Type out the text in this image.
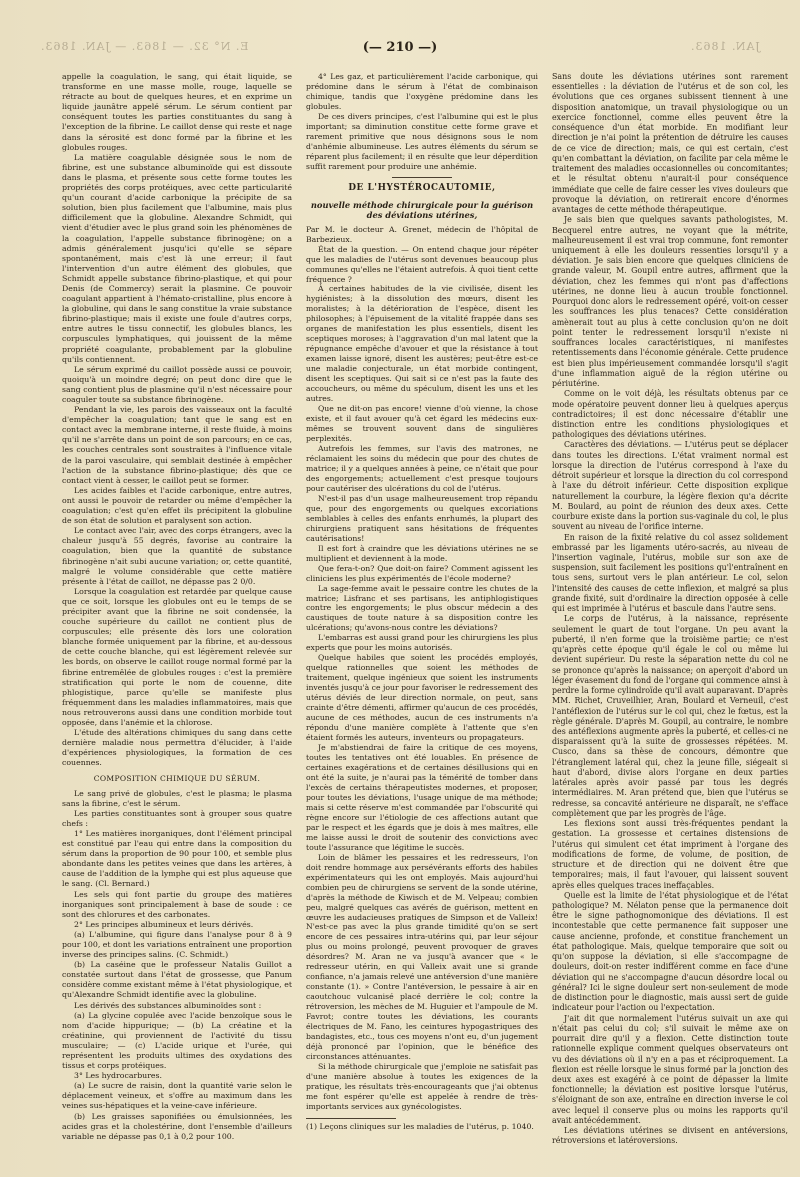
E. N° 32. — 1863. — JAN. 1863.	(— 210 —)	JAN. 1863.

appelle la coagulation, le sang, qui était liquide, se transforme en une masse molle, rouge, laquelle se rétracte au bout de quelques heures, et en exprime un liquide jaunâtre appelé sérum. Le sérum contient par conséquent toutes les parties constituantes du sang à l'exception de la fibrine. Le caillot dense qui reste et nage dans la sérosité est donc formé par la fibrine et les globules rouges.

La matière coagulable désignée sous le nom de fibrine, est une substance albuminoïde qui est dissoute dans le plasma, et présente sous cette forme toutes les propriétés des corps protéiques, avec cette particularité qu'un courant d'acide carbonique la précipite de sa solution, bien plus facilement que l'albumine, mais plus difficilement que la globuline. Alexandre Schmidt, qui vient d'étudier avec le plus grand soin les phénomènes de la coagulation, l'appelle substance fibrinogène; on a admis généralement jusqu'ici qu'elle se sépare spontanément, mais c'est là une erreur; il faut l'intervention d'un autre élément des globules, que Schmidt appelle substance fibrino-plastique, et qui pour Denis (de Commercy) serait la plasmine. Ce pouvoir coagulant appartient à l'hémato-cristalline, plus encore à la globuline, qui dans le sang constitue la vraie substance fibrino-plastique; mais il existe une foule d'autres corps, entre autres le tissu connectif, les globules blancs, les corpuscules lymphatiques, qui jouissent de la même propriété coagulante, probablement par la globuline qu'ils contiennent.

Le sérum exprimé du caillot possède aussi ce pouvoir, quoiqu'à un moindre degré; on peut donc dire que le sang contient plus de plasmine qu'il n'est nécessaire pour coaguler toute sa substance fibrinogène.

Pendant la vie, les parois des vaisseaux ont la faculté d'empêcher la coagulation; tant que le sang est en contact avec la membrane interne, il reste fluide, à moins qu'il ne s'arrête dans un point de son parcours; en ce cas, les couches centrales sont soustraites à l'influence vitale de la paroi vasculaire, qui semblait destinée à empêcher l'action de la substance fibrino-plastique; dès que ce contact vient à cesser, le caillot peut se former.

Les acides faibles et l'acide carbonique, entre autres, ont aussi le pouvoir de retarder ou même d'empêcher la coagulation; c'est qu'en effet ils précipitent la globuline de son état de solution et paralysent son action.

Le contact avec l'air, avec des corps étrangers, avec la chaleur jusqu'à 55 degrés, favorise au contraire la coagulation, bien que la quantité de substance fibrinogène n'ait subi aucune variation; or, cette quantité, malgré le volume considérable que cette matière présente à l'état de caillot, ne dépasse pas 2 0/0.

Lorsque la coagulation est retardée par quelque cause que ce soit, lorsque les globules ont eu le temps de se précipiter avant que la fibrine ne soit condensée, la couche supérieure du caillot ne contient plus de corpuscules; elle présente dès lors une coloration blanche formée uniquement par la fibrine, et au-dessous de cette couche blanche, qui est légèrement relevée sur les bords, on observe le caillot rouge normal formé par la fibrine entremêlée de globules rouges : c'est la première stratification qui porte le nom de couenne, dite phlogistique, parce qu'elle se manifeste plus fréquemment dans les maladies inflammatoires, mais que nous retrouverons aussi dans une condition morbide tout opposée, dans l'anémie et la chlorose.

L'étude des altérations chimiques du sang dans cette dernière maladie nous permettra d'élucider, à l'aide d'expériences physiologiques, la formation de ces couennes.

COMPOSITION CHIMIQUE DU SÉRUM.

Le sang privé de globules, c'est le plasma; le plasma sans la fibrine, c'est le sérum.

Les parties constituantes sont à grouper sous quatre chefs :

1° Les matières inorganiques, dont l'élément principal est constitué par l'eau qui entre dans la composition du sérum dans la proportion de 90 pour 100, et semble plus abondante dans les petites veines que dans les artères, à cause de l'addition de la lymphe qui est plus aqueuse que le sang. (Cl. Bernard.)

Les sels qui font partie du groupe des matières inorganiques sont principalement à base de soude : ce sont des chlorures et des carbonates.

2° Les principes albumineux et leurs dérivés.

(a) L'albumine, qui figure dans l'analyse pour 8 à 9 pour 100, et dont les variations entraînent une proportion inverse des principes salins. (C. Schmidt.)

(b) La caséine que le professeur Natalis Guillot a constatée surtout dans l'état de grossesse, que Panum considère comme existant même à l'état physiologique, et qu'Alexandre Schmidt identifie avec la globuline.

Les dérivés des substances albuminoïdes sont :

(a) La glycine copulée avec l'acide benzoïque sous le nom d'acide hippurique; — (b) La créatine et la créatinine, qui proviennent de l'activité du tissu musculaire; — (c) L'acide urique et l'urée, qui représentent les produits ultimes des oxydations des tissus et corps protéiques.

3° Les hydrocarbures.

(a) Le sucre de raisin, dont la quantité varie selon le déplacement veineux, et s'offre au maximum dans les veines sus-hépatiques et la veine-cave inférieure.

(b) Les graisses saponifiées ou émulsionnées, les acides gras et la cholestérine, dont l'ensemble d'ailleurs variable ne dépasse pas 0,1 à 0,2 pour 100.

4° Les gaz, et particulièrement l'acide carbonique, qui prédomine dans le sérum à l'état de combinaison chimique, tandis que l'oxygène prédomine dans les globules.

De ces divers principes, c'est l'albumine qui est le plus important; sa diminution constitue cette forme grave et rarement primitive que nous désignons sous le nom d'anhémie albumineuse. Les autres éléments du sérum se réparent plus facilement; il en résulte que leur déperdition suffit rarement pour produire une anhémie.

DE L'HYSTÉROCAUTOMIE,

nouvelle méthode chirurgicale pour la guérison des déviations utérines,

Par M. le docteur A. Grenet, médecin de l'hôpital de Barbezieux.

État de la question. — On entend chaque jour répéter que les maladies de l'utérus sont devenues beaucoup plus communes qu'elles ne l'étaient autrefois. À quoi tient cette fréquence ?

À certaines habitudes de la vie civilisée, disent les hygiénistes; à la dissolution des mœurs, disent les moralistes; à la détérioration de l'espèce, disent les philosophes; à l'épuisement de la vitalité frappée dans ses organes de manifestation les plus essentiels, disent les sceptiques moroses; à l'aggravation d'un mal latent que la répugnance empêche d'avouer et que la résistance à tout examen laisse ignoré, disent les austères; peut-être est-ce une maladie conjecturale, un état morbide contingent, disent les sceptiques. Qui sait si ce n'est pas la faute des accoucheurs, ou même du spéculum, disent les uns et les autres.

Que ne dit-on pas encore! vienne d'où vienne, la chose existe, et il faut avouer qu'à cet égard les médecins eux-mêmes se trouvent souvent dans de singulières perplexités.

Autrefois les femmes, sur l'avis des matrones, ne réclamaient les soins du médecin que pour des chutes de matrice; il y a quelques années à peine, ce n'était que pour des engorgements; actuellement c'est presque toujours pour cautériser des ulcérations du col de l'utérus.

N'est-il pas d'un usage malheureusement trop répandu que, pour des engorgements ou quelques excoriations semblables à celles des enfants enrhumés, la plupart des chirurgiens pratiquent sans hésitations de fréquentes cautérisations!

Il est fort à craindre que les déviations utérines ne se multiplient et deviennent à la mode.

Que fera-t-on? Que doit-on faire? Comment agissent les cliniciens les plus expérimentés de l'école moderne?

La sage-femme avait le pessaire contre les chutes de la matrice; Lisfranc et ses partisans, les antiphlogistiques contre les engorgements; le plus obscur médecin a des caustiques de toute nature à sa disposition contre les ulcérations; qu'avons-nous contre les déviations?

L'embarras est aussi grand pour les chirurgiens les plus experts que pour les moins autorisés.

Quelque habiles que soient les procédés employés, quelque rationnelles que soient les méthodes de traitement, quelque ingénieux que soient les instruments inventés jusqu'à ce jour pour favoriser le redressement des utérus déviés de leur direction normale, on peut, sans crainte d'être démenti, affirmer qu'aucun de ces procédés, aucune de ces méthodes, aucun de ces instruments n'a répondu d'une manière complète à l'attente que s'en étaient formés les auteurs, inventeurs ou propagateurs.

Je m'abstiendrai de faire la critique de ces moyens, toutes les tentatives ont été louables. En présence de certaines exagérations et de certaines désillusions qui en ont été la suite, je n'aurai pas la témérité de tomber dans l'excès de certains thérapeutistes modernes, et proposer, pour toutes les déviations, l'usage unique de ma méthode; mais si cette réserve m'est commandée par l'obscurité qui règne encore sur l'étiologie de ces affections autant que par le respect et les égards que je dois à mes maîtres, elle me laisse aussi le droit de soutenir des convictions avec toute l'assurance que légitime le succès.

Loin de blâmer les pessaires et les redresseurs, l'on doit rendre hommage aux persévérants efforts des habiles expérimentateurs qui les ont employés. Mais aujourd'hui combien peu de chirurgiens se servent de la sonde utérine, d'après la méthode de Kiwisch et de M. Velpeau; combien peu, malgré quelques cas avérés de guérison, mettent en œuvre les audacieuses pratiques de Simpson et de Valleix! N'est-ce pas avec la plus grande timidité qu'on se sert encore de ces pessaires intra-utérins qui, par leur séjour plus ou moins prolongé, peuvent provoquer de graves désordres? M. Aran ne va jusqu'à avancer que « le redresseur utérin, en qui Valleix avait une si grande confiance, n'a jamais relevé une antéversion d'une manière constante (1). » Contre l'antéversion, le pessaire à air en caoutchouc vulcanisé placé derrière le col; contre la rétroversion, les mèches de M. Huguier et l'ampoule de M. Favrot; contre toutes les déviations, les courants électriques de M. Fano, les ceintures hypogastriques des bandagistes, etc., tous ces moyens n'ont eu, d'un jugement déjà prononcé par l'opinion, que le bénéfice des circonstances atténuantes.

Si la méthode chirurgicale que j'emploie ne satisfait pas d'une manière absolue à toutes les exigences de la pratique, les résultats très-encourageants que j'ai obtenus me font espérer qu'elle est appelée à rendre de très-importants services aux gynécologistes.

(1) Leçons cliniques sur les maladies de l'utérus, p. 1040.

Sans doute les déviations utérines sont rarement essentielles : la déviation de l'utérus et de son col, les évolutions que ces organes subissent tiennent à une disposition anatomique, un travail physiologique ou un exercice fonctionnel, comme elles peuvent être la conséquence d'un état morbide. En modifiant leur direction je n'ai point la prétention de détruire les causes de ce vice de direction; mais, ce qui est certain, c'est qu'en combattant la déviation, on facilite par cela même le traitement des maladies occasionnelles ou concomitantes; et le résultat obtenu n'aurait-il pour conséquence immédiate que celle de faire cesser les vives douleurs que provoque la déviation, on retirerait encore d'énormes avantages de cette méthode thérapeutique.

Je sais bien que quelques savants pathologistes, M. Becquerel entre autres, ne voyant que la métrite, malheureusement il est vrai trop commune, font remonter uniquement à elle les douleurs ressenties lorsqu'il y a déviation. Je sais bien encore que quelques cliniciens de grande valeur, M. Goupil entre autres, affirment que la déviation, chez les femmes qui n'ont pas d'affections utérines, ne donne lieu à aucun trouble fonctionnel. Pourquoi donc alors le redressement opéré, voit-on cesser les souffrances les plus tenaces? Cette considération amènerait tout au plus à cette conclusion qu'on ne doit point tenter le redressement lorsqu'il n'existe ni souffrances locales caractéristiques, ni manifestes retentissements dans l'économie générale. Cette prudence est bien plus impérieusement commandée lorsqu'il s'agit d'une inflammation aiguë de la région utérine ou périutérine.

Comme on le voit déjà, les résultats obtenus par ce mode opératoire peuvent donner lieu à quelques aperçus contradictoires; il est donc nécessaire d'établir une distinction entre les conditions physiologiques et pathologiques des déviations utérines.

Caractères des déviations. — L'utérus peut se déplacer dans toutes les directions. L'état vraiment normal est lorsque la direction de l'utérus correspond à l'axe du détroit supérieur et lorsque la direction du col correspond à l'axe du détroit inférieur. Cette disposition explique naturellement la courbure, la légère flexion qu'a décrite M. Boulard, au point de réunion des deux axes. Cette courbure existe dans la portion sus-vaginale du col, le plus souvent au niveau de l'orifice interne.

En raison de la fixité relative du col assez solidement embrassé par les ligaments utéro-sacrés, au niveau de l'insertion vaginale, l'utérus, mobile sur son axe de suspension, suit facilement les positions qu'l'entraînent en tous sens, surtout vers le plan antérieur. Le col, selon l'intensité des causes de cette inflexion, et malgré sa plus grande fixité, suit d'ordinaire la direction opposée à celle qui est imprimée à l'utérus et bascule dans l'autre sens.

Le corps de l'utérus, à la naissance, représente seulement le quart de tout l'organe. Un peu avant la puberté, il n'en forme que la troisième partie; ce n'est qu'après cette époque qu'il égale le col ou même lui devient supérieur. Du reste la séparation nette du col ne se prononce qu'après la naissance; on aperçoit d'abord un léger évasement du fond de l'organe qui commence ainsi à perdre la forme cylindroïde qu'il avait auparavant. D'après MM. Richet, Cruveilhier, Aran, Boulard et Verneuil, c'est l'antéflexion de l'utérus sur le col qui, chez le fœtus, est la règle générale. D'après M. Goupil, au contraire, le nombre des antéflexions augmente après la puberté, et celles-ci ne disparaissent qu'à la suite de grossesses répétées. M. Cusco, dans sa thèse de concours, démontre que l'étranglement latéral qui, chez la jeune fille, siégeait si haut d'abord, divise alors l'organe en deux parties latérales après avoir passé par tous les degrés intermédiaires. M. Aran prétend que, bien que l'utérus se redresse, sa concavité antérieure ne disparaît, ne s'efface complètement que par les progrès de l'âge.

Les flexions sont aussi très-fréquentes pendant la gestation. La grossesse et certaines distensions de l'utérus qui simulent cet état impriment à l'organe des modifications de forme, de volume, de position, de structure et de direction qui ne doivent être que temporaires; mais, il faut l'avouer, qui laissent souvent après elles quelques traces ineffaçables.

Quelle est la limite de l'état physiologique et de l'état pathologique? M. Nélaton pense que la permanence doit être le signe pathognomonique des déviations. Il est incontestable que cette permanence fait supposer une cause ancienne, profonde, et constitue franchement un état pathologique. Mais, quelque temporaire que soit ou qu'on suppose la déviation, si elle s'accompagne de douleurs, doit-on rester indifférent comme en face d'une déviation qui ne s'accompagne d'aucun désordre local ou général? Ici le signe douleur sert non-seulement de mode de distinction pour le diagnostic, mais aussi sert de guide indicateur pour l'action ou l'expectation.

J'ait dit que normalement l'utérus suivait un axe qui n'était pas celui du col; s'il suivait le même axe on pourrait dire qu'il y a flexion. Cette distinction toute rationnelle explique comment quelques observateurs ont vu des déviations où il n'y en a pas et réciproquement. La flexion est réelle lorsque le sinus formé par la jonction des deux axes est exagéré à ce point de dépasser la limite fonctionnelle; la déviation est positive lorsque l'utérus, s'éloignant de son axe, entraîne en direction inverse le col avec lequel il conserve plus ou moins les rapports qu'il avait antécédemment.

Les déviations utérines se divisent en antéversions, rétroversions et latéroversions.
